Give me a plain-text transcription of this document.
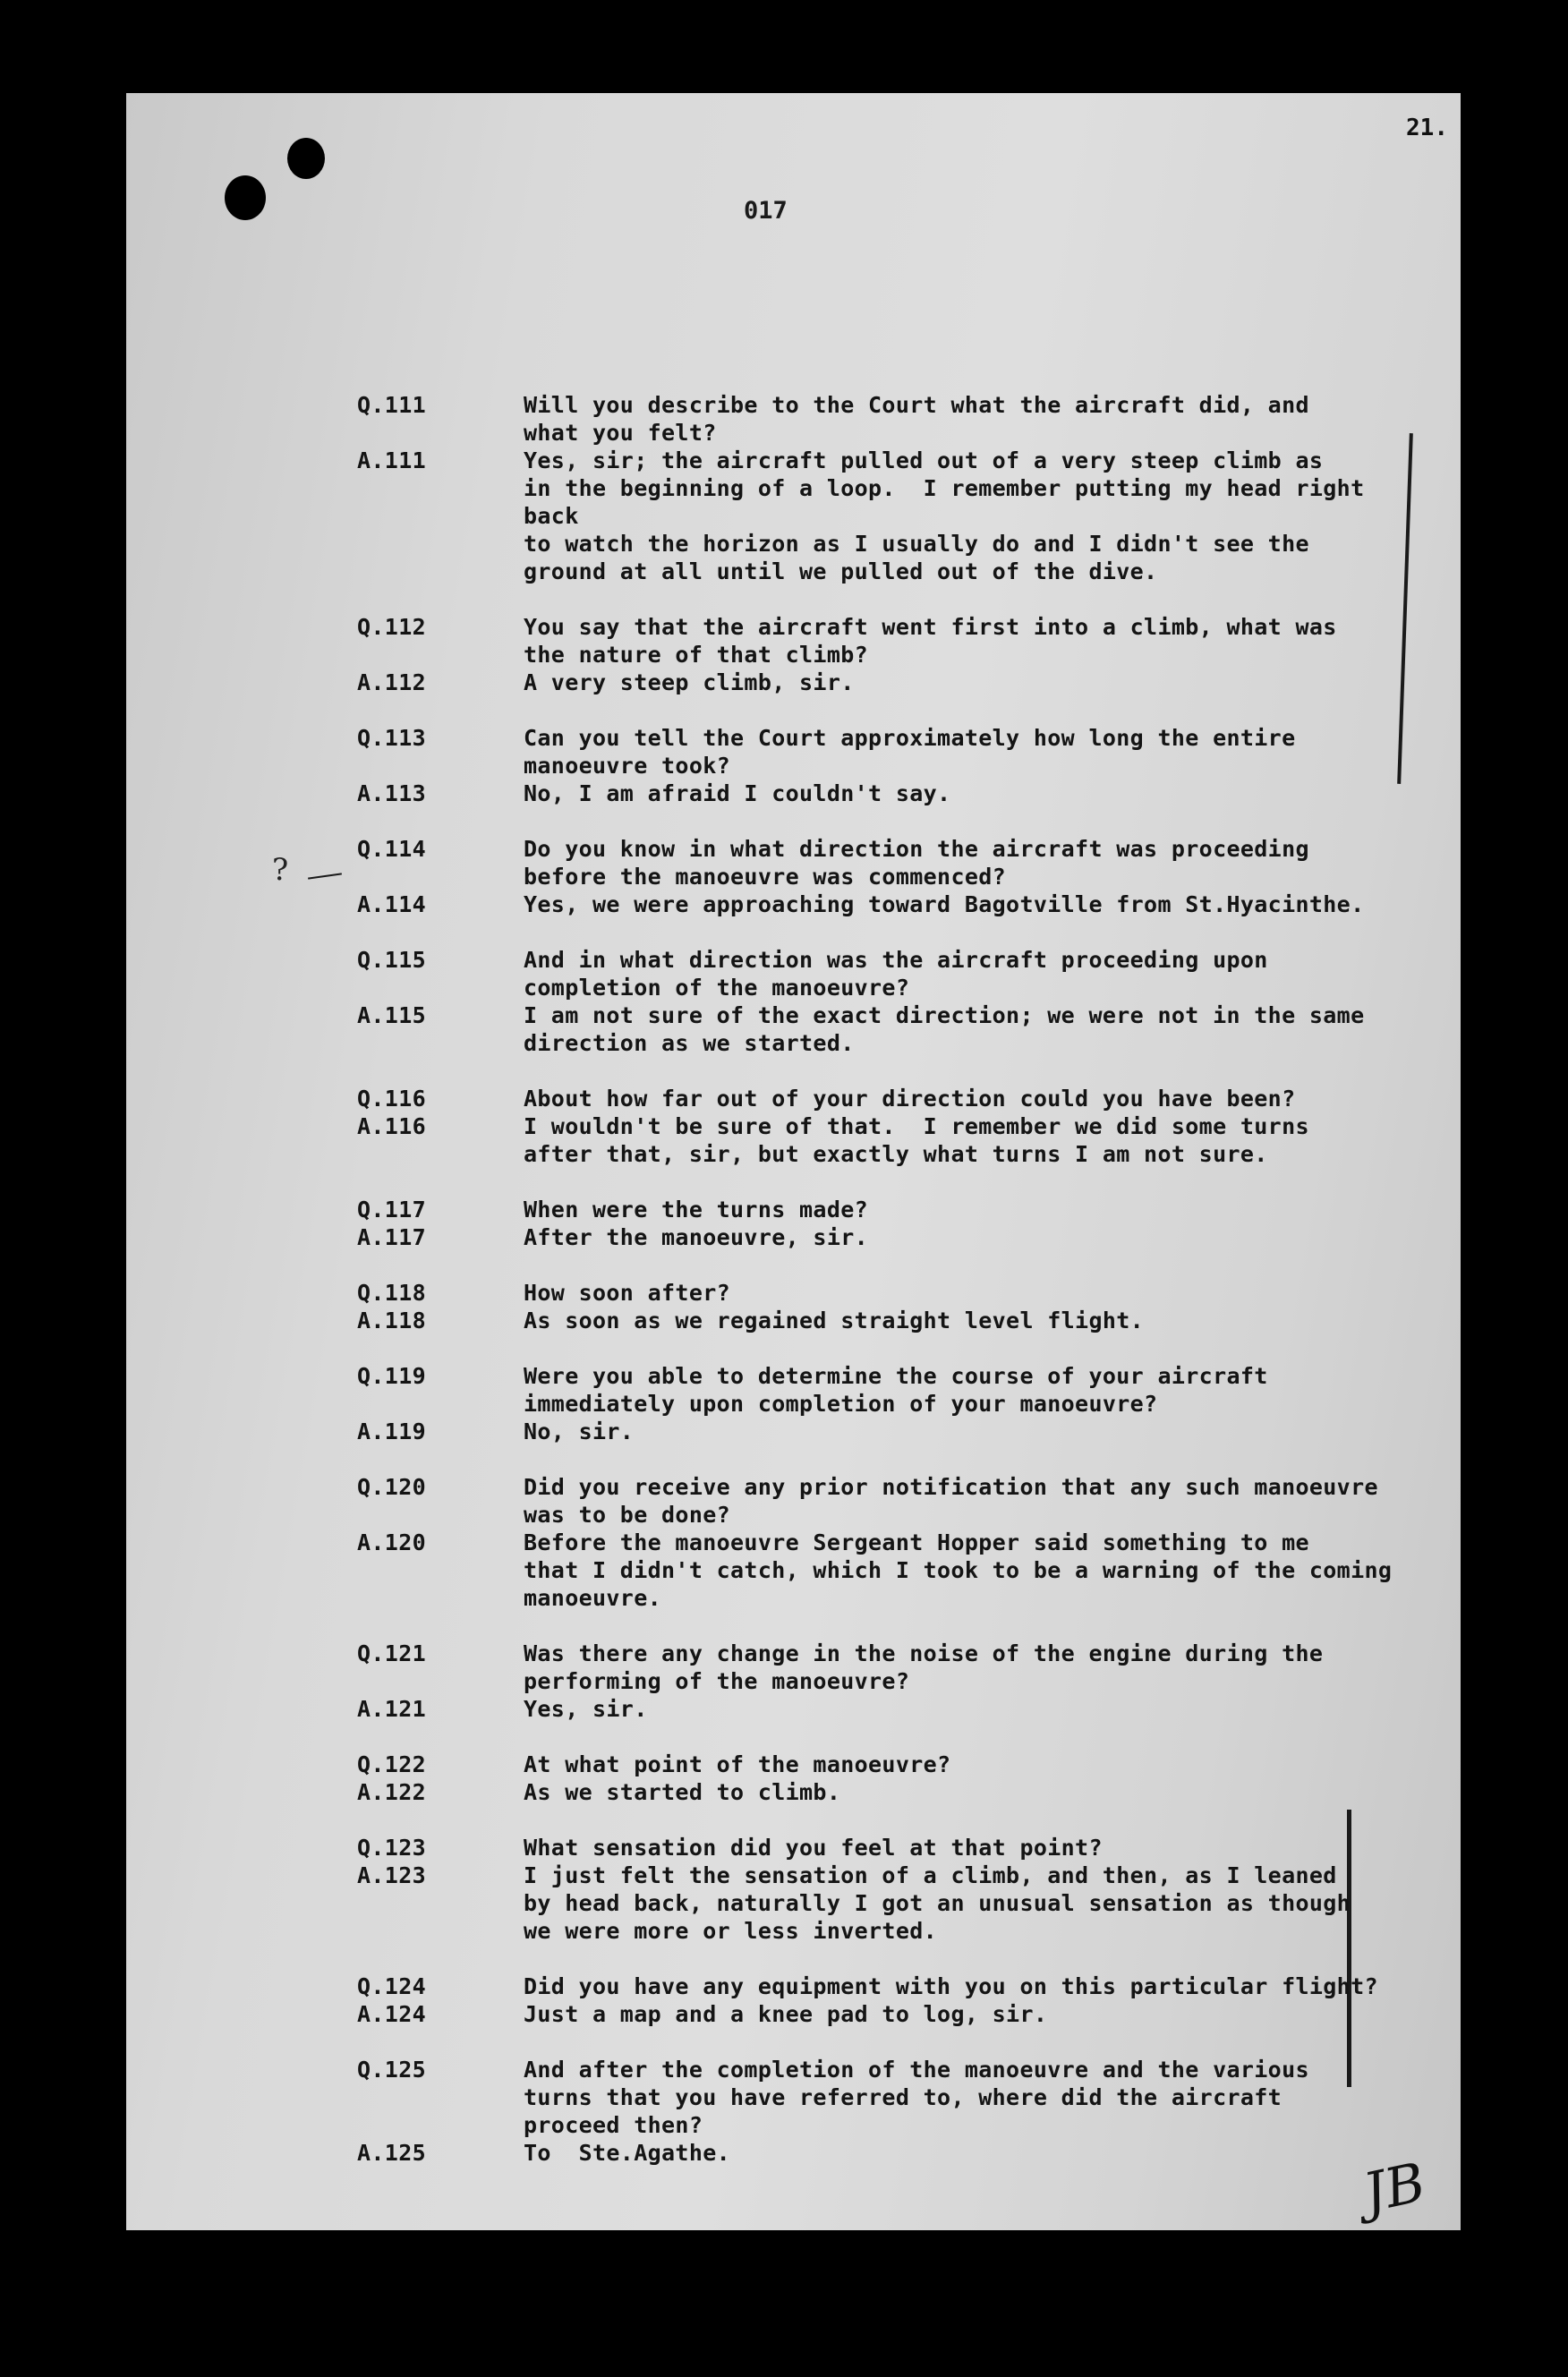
21.
017
?
Q.111	Will you describe to the Court what the aircraft did, and
what you felt?
A.111	Yes, sir; the aircraft pulled out of a very steep climb as
in the beginning of a loop.  I remember putting my head right back
to watch the horizon as I usually do and I didn't see the
ground at all until we pulled out of the dive.
Q.112	You say that the aircraft went first into a climb, what was
the nature of that climb?
A.112	A very steep climb, sir.
Q.113	Can you tell the Court approximately how long the entire
manoeuvre took?
A.113	No, I am afraid I couldn't say.
Q.114	Do you know in what direction the aircraft was proceeding
before the manoeuvre was commenced?
A.114	Yes, we were approaching toward Bagotville from St.Hyacinthe.
Q.115	And in what direction was the aircraft proceeding upon
completion of the manoeuvre?
A.115	I am not sure of the exact direction; we were not in the same
direction as we started.
Q.116	About how far out of your direction could you have been?
A.116	I wouldn't be sure of that.  I remember we did some turns
after that, sir, but exactly what turns I am not sure.
Q.117	When were the turns made?
A.117	After the manoeuvre, sir.
Q.118	How soon after?
A.118	As soon as we regained straight level flight.
Q.119	Were you able to determine the course of your aircraft
immediately upon completion of your manoeuvre?
A.119	No, sir.
Q.120	Did you receive any prior notification that any such manoeuvre
was to be done?
A.120	Before the manoeuvre Sergeant Hopper said something to me
that I didn't catch, which I took to be a warning of the coming
manoeuvre.
Q.121	Was there any change in the noise of the engine during the
performing of the manoeuvre?
A.121	Yes, sir.
Q.122	At what point of the manoeuvre?
A.122	As we started to climb.
Q.123	What sensation did you feel at that point?
A.123	I just felt the sensation of a climb, and then, as I leaned
by head back, naturally I got an unusual sensation as though
we were more or less inverted.
Q.124	Did you have any equipment with you on this particular flight?
A.124	Just a map and a knee pad to log, sir.
Q.125	And after the completion of the manoeuvre and the various
turns that you have referred to, where did the aircraft
proceed then?
A.125	To  Ste.Agathe.	JB
